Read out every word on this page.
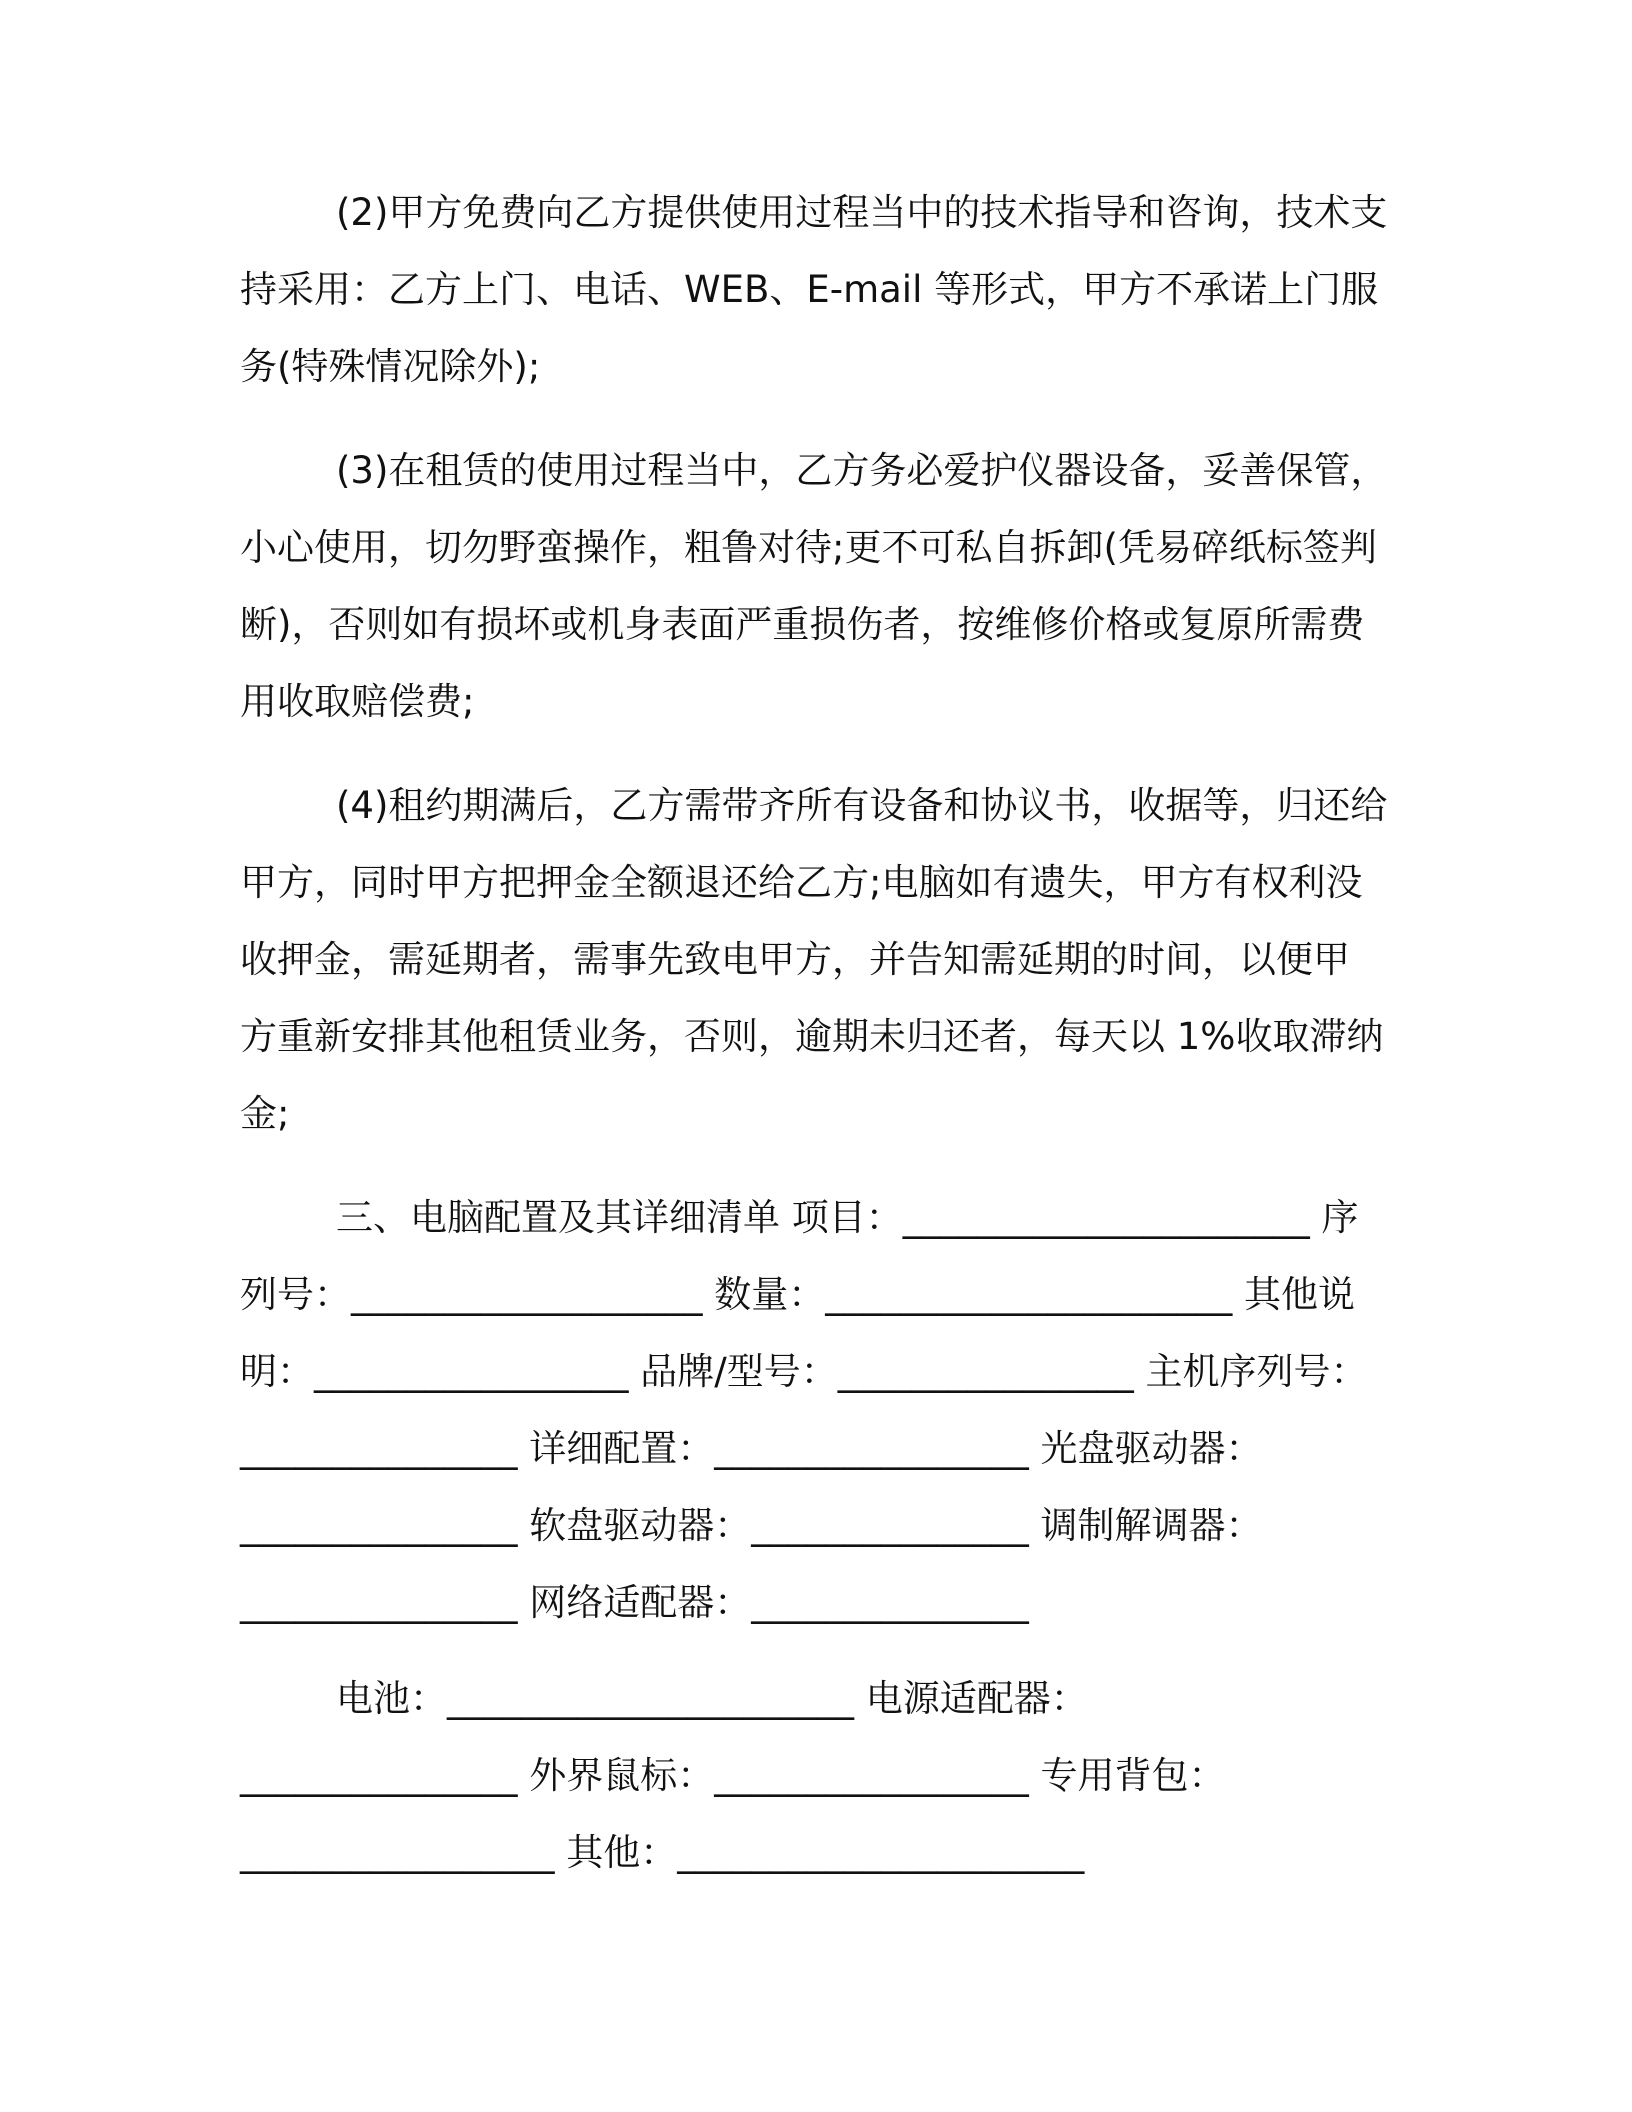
(2)甲方免费向乙方提供使用过程当中的技术指导和咨询，技术支
持采用：乙方上门、电话、WEB、E-mail 等形式，甲方不承诺上门服
务(特殊情况除外);
(3)在租赁的使用过程当中，乙方务必爱护仪器设备，妥善保管，
小心使用，切勿野蛮操作，粗鲁对待;更不可私自拆卸(凭易碎纸标签判
断)，否则如有损坏或机身表面严重损伤者，按维修价格或复原所需费
用收取赔偿费;
(4)租约期满后，乙方需带齐所有设备和协议书，收据等，归还给
甲方，同时甲方把押金全额退还给乙方;电脑如有遗失，甲方有权利没
收押金，需延期者，需事先致电甲方，并告知需延期的时间，以便甲
方重新安排其他租赁业务，否则，逾期未归还者，每天以 1%收取滞纳
金;
三、电脑配置及其详细清单 项目：______________________ 序
列号：___________________ 数量：______________________ 其他说
明：_________________ 品牌/型号：________________ 主机序列号：
_______________ 详细配置：_________________ 光盘驱动器：
_______________ 软盘驱动器：_______________ 调制解调器：
_______________ 网络适配器：_______________
电池：______________________ 电源适配器：
_______________ 外界鼠标：_________________ 专用背包：
_________________ 其他：______________________
